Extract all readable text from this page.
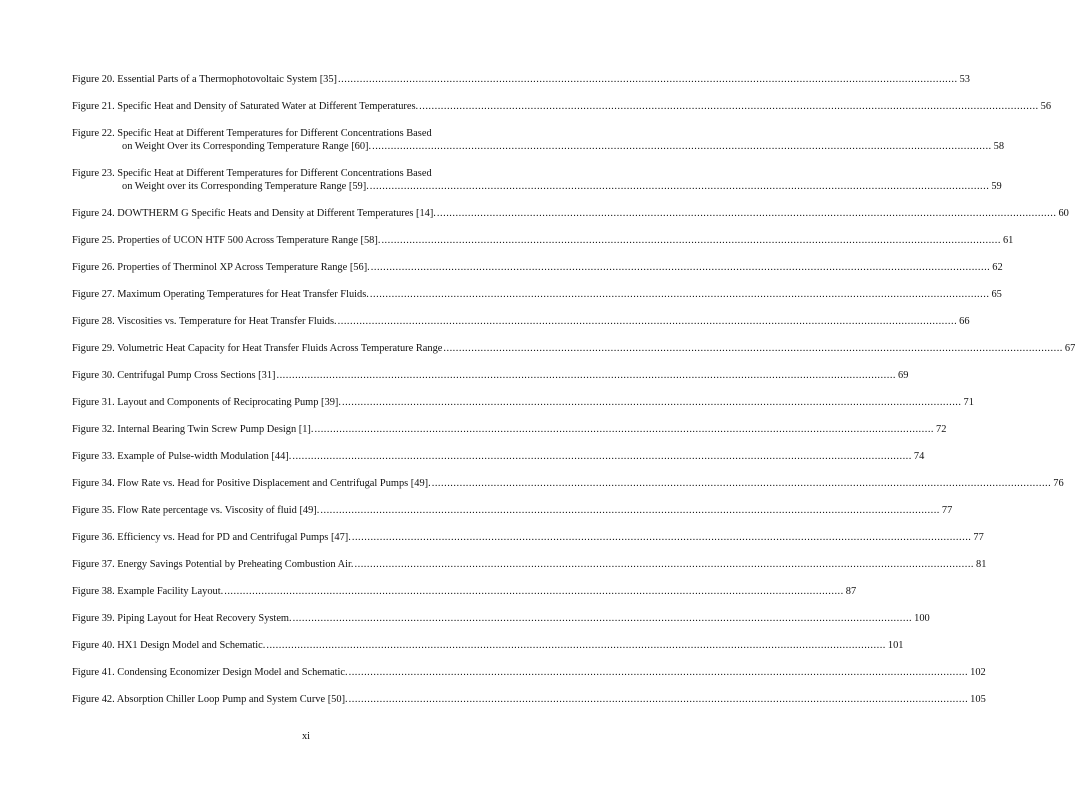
Figure 20. Essential Parts of a Thermophotovoltaic System [35] .....	53
Figure 21. Specific Heat and Density of Saturated Water at Different Temperatures. .....	56
Figure 22. Specific Heat at Different Temperatures for Different Concentrations Based
on Weight Over its Corresponding Temperature Range [60]. .....	58
Figure 23. Specific Heat at Different Temperatures for Different Concentrations Based
on Weight over its Corresponding Temperature Range [59]. .....	59
Figure 24. DOWTHERM G Specific Heats and Density at Different Temperatures [14]. .....	60
Figure 25. Properties of UCON HTF 500 Across Temperature Range [58]. .....	61
Figure 26. Properties of Therminol XP Across Temperature Range [56]. .....	62
Figure 27. Maximum Operating Temperatures for Heat Transfer Fluids. .....	65
Figure 28. Viscosities vs. Temperature for Heat Transfer Fluids. .....	66
Figure 29. Volumetric Heat Capacity for Heat Transfer Fluids Across Temperature Range .....	67
Figure 30. Centrifugal Pump Cross Sections [31] .....	69
Figure 31. Layout and Components of Reciprocating Pump [39]. .....	71
Figure 32. Internal Bearing Twin Screw Pump Design [1]. .....	72
Figure 33. Example of Pulse-width Modulation [44]. .....	74
Figure 34. Flow Rate vs. Head for Positive Displacement and Centrifugal Pumps [49]. .....	76
Figure 35. Flow Rate percentage vs. Viscosity of fluid [49]. .....	77
Figure 36. Efficiency vs. Head for PD and Centrifugal Pumps [47]. .....	77
Figure 37. Energy Savings Potential by Preheating Combustion Air. .....	81
Figure 38. Example Facility Layout. .....	87
Figure 39. Piping Layout for Heat Recovery System. .....	100
Figure 40. HX1 Design Model and Schematic. .....	101
Figure 41. Condensing Economizer Design Model and Schematic. .....	102
Figure 42. Absorption Chiller Loop Pump and System Curve [50]. .....	105
xi
